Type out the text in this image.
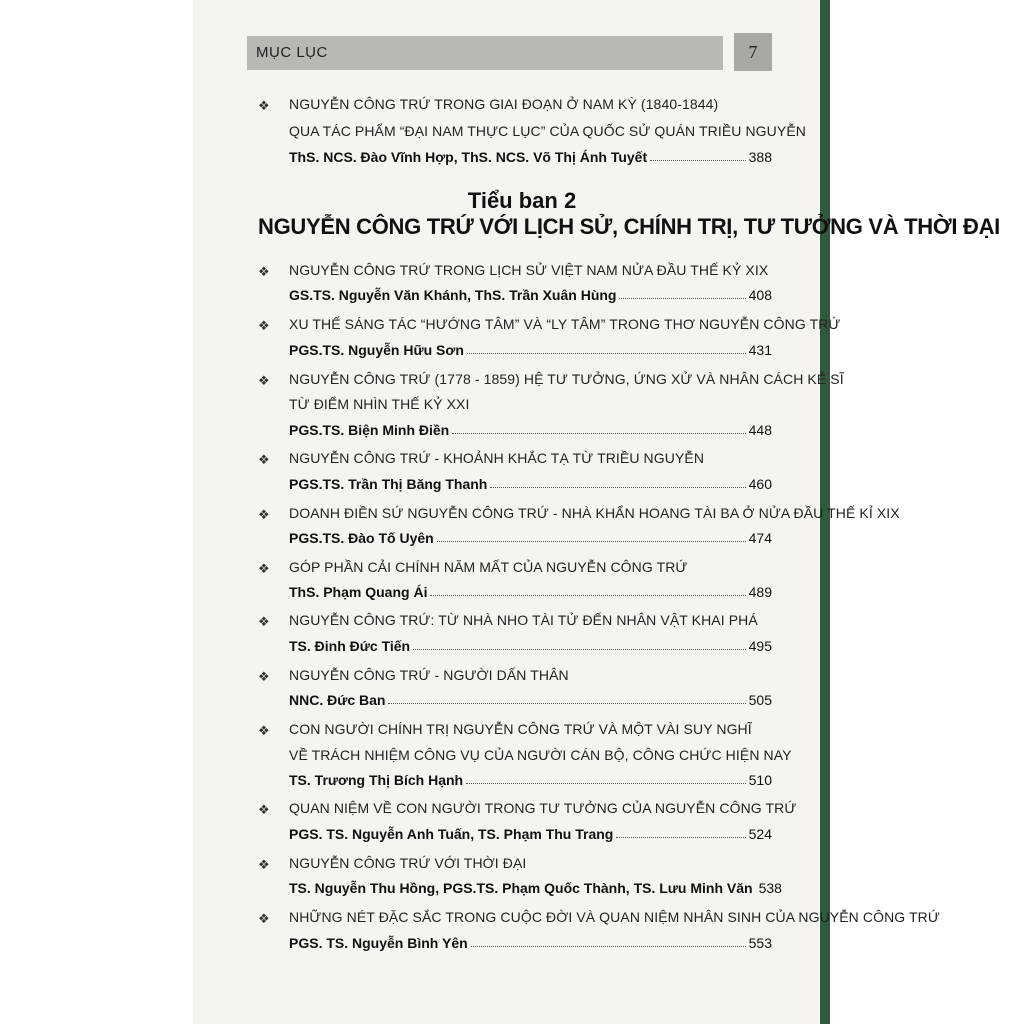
MỤC LỤC	7
❖ NGUYỄN CÔNG TRỨ TRONG GIAI ĐOẠN Ở NAM KỲ (1840-1844)
QUA TÁC PHẨM “ĐẠI NAM THỰC LỤC” CỦA QUỐC SỬ QUÁN TRIỀU NGUYỄN
ThS. NCS. Đào Vĩnh Hợp, ThS. NCS. Võ Thị Ánh Tuyết	388
Tiểu ban 2
NGUYỄN CÔNG TRỨ VỚI LỊCH SỬ, CHÍNH TRỊ, TƯ TƯỞNG VÀ THỜI ĐẠI
❖ NGUYỄN CÔNG TRỨ TRONG LỊCH SỬ VIỆT NAM NỬA ĐẦU THẾ KỶ XIX
GS.TS. Nguyễn Văn Khánh, ThS. Trần Xuân Hùng	408
❖ XU THẾ SÁNG TÁC “HƯỚNG TÂM” VÀ “LY TÂM” TRONG THƠ NGUYỄN CÔNG TRỨ
PGS.TS. Nguyễn Hữu Sơn	431
❖ NGUYỄN CÔNG TRỨ (1778 - 1859) HỆ TƯ TƯỞNG, ỨNG XỬ VÀ NHÂN CÁCH KẺ SĨ
TỪ ĐIỂM NHÌN THẾ KỶ XXI
PGS.TS. Biện Minh Điền	448
❖ NGUYỄN CÔNG TRỨ - KHOẢNH KHẮC TẠ TỪ TRIỀU NGUYỄN
PGS.TS. Trần Thị Băng Thanh	460
❖ DOANH ĐIỀN SỨ NGUYỄN CÔNG TRỨ - NHÀ KHẨN HOANG TÀI BA Ở NỬA ĐẦU THẾ KỈ XIX
PGS.TS. Đào Tố Uyên	474
❖ GÓP PHẦN CẢI CHÍNH NĂM MẤT CỦA NGUYỄN CÔNG TRỨ
ThS. Phạm Quang Ái	489
❖ NGUYỄN CÔNG TRỨ: TỪ NHÀ NHO TÀI TỬ ĐẾN NHÂN VẬT KHAI PHÁ
TS. Đinh Đức Tiến	495
❖ NGUYỄN CÔNG TRỨ - NGƯỜI DẤN THÂN
NNC. Đức Ban	505
❖ CON NGƯỜI CHÍNH TRỊ NGUYỄN CÔNG TRỨ VÀ MỘT VÀI SUY NGHĨ
VỀ TRÁCH NHIỆM CÔNG VỤ CỦA NGƯỜI CÁN BỘ, CÔNG CHỨC HIỆN NAY
TS. Trương Thị Bích Hạnh	510
❖ QUAN NIỆM VỀ CON NGƯỜI TRONG TƯ TƯỞNG CỦA NGUYỄN CÔNG TRỨ
PGS. TS. Nguyễn Anh Tuấn, TS. Phạm Thu Trang	524
❖ NGUYỄN CÔNG TRỨ VỚI THỜI ĐẠI
TS. Nguyễn Thu Hồng, PGS.TS. Phạm Quốc Thành, TS. Lưu Minh Văn 538
❖ NHỮNG NÉT ĐẶC SẮC TRONG CUỘC ĐỜI VÀ QUAN NIỆM NHÂN SINH CỦA NGUYỄN CÔNG TRỨ
PGS. TS. Nguyễn Bình Yên	553
